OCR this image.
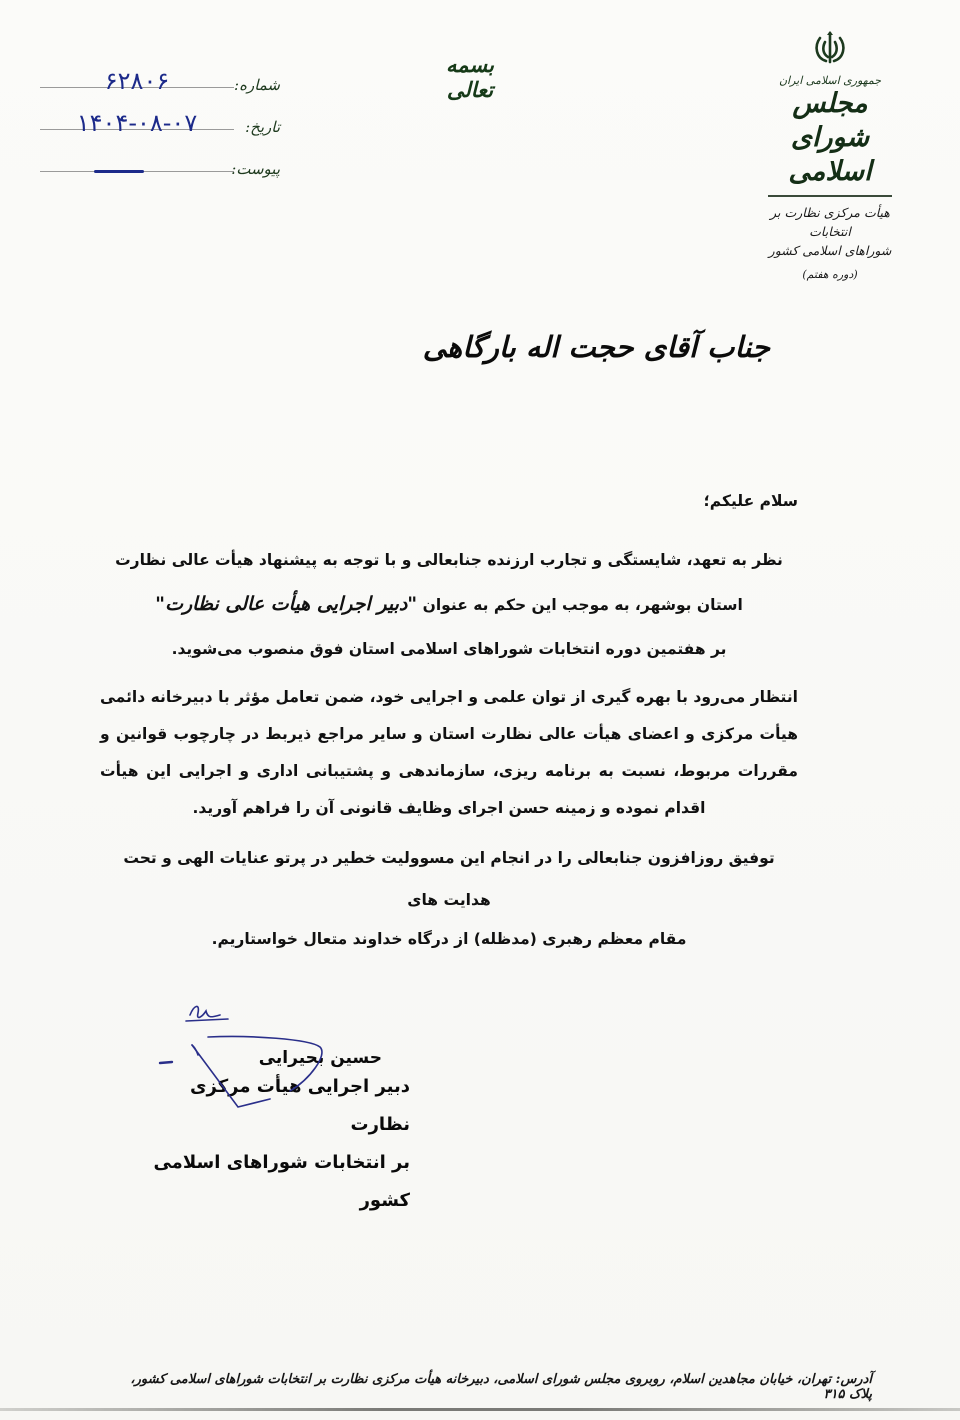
جمهوری اسلامی ایران
مجلس شورای اسلامی
هیأت مرکزی نظارت بر انتخابات
شوراهای اسلامی کشور
(دوره هفتم)
بسمه تعالی
شماره:
۶۲۸۰۶
تاریخ:
۱۴۰۴-۰۸-۰۷
پیوست:
جناب آقای حجت اله بارگاهی

سلام علیکم؛

نظر به تعهد، شایستگی و تجارب ارزنده جنابعالی و با توجه به پیشنهاد هیأت عالی نظارت

استان بوشهر، به موجب این حکم به عنوان "دبیر اجرایی هیأت عالی نظارت"

بر هفتمین دوره انتخابات شوراهای اسلامی استان فوق منصوب می‌شوید.

انتظار می‌رود با بهره گیری از توان علمی و اجرایی خود، ضمن تعامل مؤثر با دبیرخانه دائمی هیأت مرکزی و اعضای هیأت عالی نظارت استان و سایر مراجع ذیربط در چارچوب قوانین و مقررات مربوط، نسبت به برنامه ریزی، سازماندهی و پشتیبانی اداری و اجرایی این هیأت اقدام نموده و زمینه حسن اجرای وظایف قانونی آن را فراهم آورید.

توفیق روزافزون جنابعالی را در انجام این مسوولیت خطیر در پرتو عنایات الهی و تحت هدایت های

مقام معظم رهبری (مدظله) از درگاه خداوند متعال خواستاریم.

حسین بحیرایی
دبیر اجرایی هیأت مرکزی نظارت
بر انتخابات شوراهای اسلامی کشور
آدرس: تهران، خیابان مجاهدین اسلام، روبروی مجلس شورای اسلامی، دبیرخانه هیأت مرکزی نظارت بر انتخابات شوراهای اسلامی کشور، پلاک ۳۱۵
